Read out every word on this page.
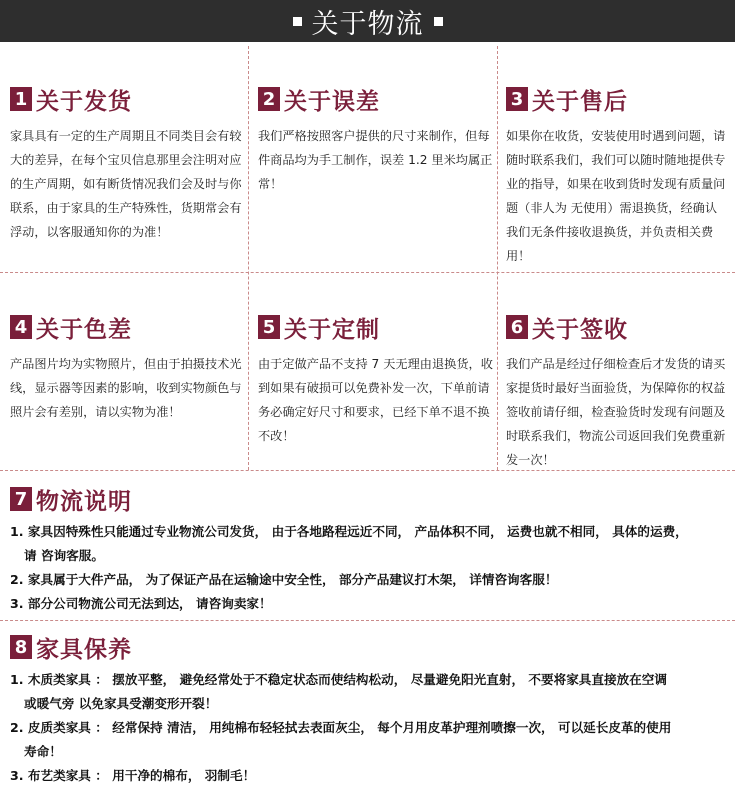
关于物流
1 关于发货

家具具有一定的生产周期且不同类目会有较大的差异，在每个宝贝信息那里会注明对应的生产周期，如有断货情况我们会及时与你联系，由于家具的生产特殊性，货期常会有浮动，以客服通知你的为准！

2 关于误差

我们严格按照客户提供的尺寸来制作，但每件商品均为手工制作，误差 1.2 里米均属正常！

3 关于售后

如果你在收货，安装使用时遇到问题，请随时联系我们，我们可以随时随地提供专业的指导，如果在收到货时发现有质量问题（非人为 无使用）需退换货，经确认我们无条件接收退换货，并负责相关费用！

4 关于色差

产品图片均为实物照片，但由于拍摄技术光线，显示器等因素的影响，收到实物颜色与照片会有差别，请以实物为准！

5 关于定制

由于定做产品不支持 7 天无理由退换货，收到如果有破损可以免费补发一次，下单前请务必确定好尺寸和要求，已经下单不退不换不改！

6 关于签收

我们产品是经过仔细检查后才发货的请买家提货时最好当面验货，为保障你的权益签收前请仔细，检查验货时发现有问题及时联系我们，物流公司返回我们免费重新发一次！

7 物流说明
1. 家具因特殊性只能通过专业物流公司发货， 由于各地路程远近不同， 产品体积不同， 运费也就不相同， 具体的运费，
请 咨询客服。
2. 家具属于大件产品， 为了保证产品在运输途中安全性， 部分产品建议打木架， 详情咨询客服！
3. 部分公司物流公司无法到达， 请咨询卖家！
8 家具保养
1. 木质类家具 ： 摆放平整， 避免经常处于不稳定状态而使结构松动， 尽量避免阳光直射， 不要将家具直接放在空调
或暖气旁 以免家具受潮变形开裂！
2. 皮质类家具 ： 经常保持 清洁， 用纯棉布轻轻拭去表面灰尘， 每个月用皮革护理剂喷擦一次， 可以延长皮革的使用
寿命！
3. 布艺类家具 ： 用干净的棉布， 羽制毛！
